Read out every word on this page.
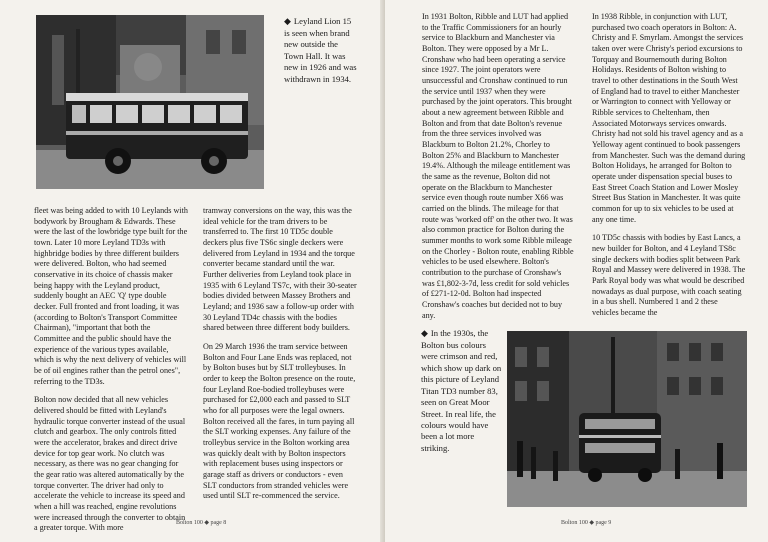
◆ Leyland Lion 15 is seen when brand new outside the Town Hall. It was new in 1926 and was withdrawn in 1934.

fleet was being added to with 10 Leylands with bodywork by Brougham & Edwards. These were the last of the lowbridge type built for the town. Later 10 more Leyland TD3s with highbridge bodies by three different builders were delivered. Bolton, who had seemed conservative in its choice of chassis maker being happy with the Leyland product, suddenly bought an AEC 'Q' type double decker. Full fronted and front loading, it was (according to Bolton's Transport Committee Chairman), "important that both the Committee and the public should have the experience of the various types available, which is why the next delivery of vehicles will be of oil engines rather than the petrol ones", referring to the TD3s.

Bolton now decided that all new vehicles delivered should be fitted with Leyland's hydraulic torque converter instead of the usual clutch and gearbox. The only controls fitted were the accelerator, brakes and direct drive device for top gear work. No clutch was necessary, as there was no gear changing for the gear ratio was altered automatically by the torque converter. The driver had only to accelerate the vehicle to increase its speed and when a hill was reached, engine revolutions were increased through the converter to obtain a greater torque. With more

tramway conversions on the way, this was the ideal vehicle for the tram drivers to be transferred to. The first 10 TD5c double deckers plus five TS6c single deckers were delivered from Leyland in 1934 and the torque converter became standard until the war. Further deliveries from Leyland took place in 1935 with 6 Leyland TS7c, with their 30-seater bodies divided between Massey Brothers and Leyland; and 1936 saw a follow-up order with 30 Leyland TD4c chassis with the bodies shared between three different body builders.

On 29 March 1936 the tram service between Bolton and Four Lane Ends was replaced, not by Bolton buses but by SLT trolleybuses. In order to keep the Bolton presence on the route, four Leyland Roe-bodied trolleybuses were purchased for £2,000 each and passed to SLT who for all purposes were the legal owners. Bolton received all the fares, in turn paying all the SLT working expenses. Any failure of the trolleybus service in the Bolton working area was quickly dealt with by Bolton inspectors with replacement buses using inspectors or garage staff as drivers or conductors - even SLT conductors from stranded vehicles were used until SLT re-commenced the service.

Bolton 100 ◆ page 8

In 1931 Bolton, Ribble and LUT had applied to the Traffic Commissioners for an hourly service to Blackburn and Manchester via Bolton. They were opposed by a Mr L. Cronshaw who had been operating a service since 1927. The joint operators were unsuccessful and Cronshaw continued to run the service until 1937 when they were purchased by the joint operators. This brought about a new agreement between Ribble and Bolton and from that date Bolton's revenue from the three services involved was Blackburn to Bolton 21.2%, Chorley to Bolton 25% and Blackburn to Manchester 19.4%. Although the mileage entitlement was the same as the revenue, Bolton did not operate on the Blackburn to Manchester service even though route number X66 was carried on the blinds. The mileage for that route was 'worked off' on the other two. It was also common practice for Bolton during the summer months to work some Ribble mileage on the Chorley - Bolton route, enabling Ribble vehicles to be used elsewhere. Bolton's contribution to the purchase of Cronshaw's was £1,802-3-7d, less credit for sold vehicles of £271-12-0d. Bolton had inspected Cronshaw's coaches but decided not to buy any.

In 1938 Ribble, in conjunction with LUT, purchased two coach operators in Bolton: A. Christy and F. Smyrlam. Amongst the services taken over were Christy's period excursions to Torquay and Bournemouth during Bolton Holidays. Residents of Bolton wishing to travel to other destinations in the South West of England had to travel to either Manchester or Warrington to connect with Yelloway or Ribble services to Cheltenham, then Associated Motorways services onwards. Christy had not sold his travel agency and as a Yelloway agent continued to book passengers from Manchester. Such was the demand during Bolton Holidays, he arranged for Bolton to operate under dispensation special buses to East Street Coach Station and Lower Mosley Street Bus Station in Manchester. It was quite common for up to six vehicles to be used at any one time.

10 TD5c chassis with bodies by East Lancs, a new builder for Bolton, and 4 Leyland TS8c single deckers with bodies split between Park Royal and Massey were delivered in 1938. The Park Royal body was what would be described nowadays as dual purpose, with coach seating in a bus shell. Numbered 1 and 2 these vehicles became the

◆ In the 1930s, the Bolton bus colours were crimson and red, which show up dark on this picture of Leyland Titan TD3 number 83, seen on Great Moor Street. In real life, the colours would have been a lot more striking.
Bolton 100 ◆ page 9
